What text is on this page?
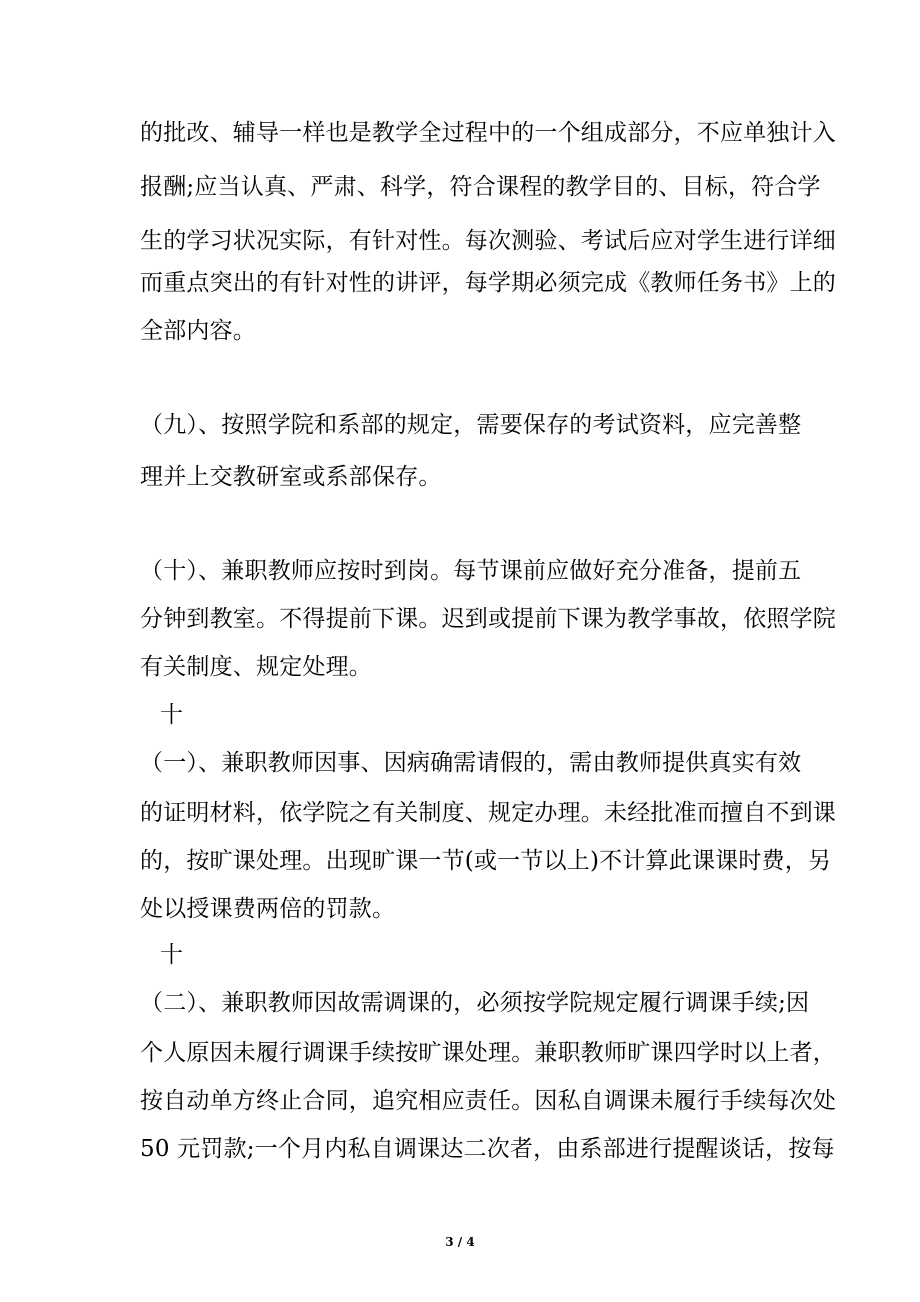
的批改、辅导一样也是教学全过程中的一个组成部分，不应单独计入
报酬;应当认真、严肃、科学，符合课程的教学目的、目标，符合学
生的学习状况实际，有针对性。每次测验、考试后应对学生进行详细
而重点突出的有针对性的讲评，每学期必须完成《教师任务书》上的
全部内容。
（九）、按照学院和系部的规定，需要保存的考试资料，应完善整
理并上交教研室或系部保存。
（十）、兼职教师应按时到岗。每节课前应做好充分准备，提前五
分钟到教室。不得提前下课。迟到或提前下课为教学事故，依照学院
有关制度、规定处理。
十
（一）、兼职教师因事、因病确需请假的，需由教师提供真实有效
的证明材料，依学院之有关制度、规定办理。未经批准而擅自不到课
的，按旷课处理。出现旷课一节(或一节以上)不计算此课课时费，另
处以授课费两倍的罚款。
十
（二）、兼职教师因故需调课的，必须按学院规定履行调课手续;因
个人原因未履行调课手续按旷课处理。兼职教师旷课四学时以上者，
按自动单方终止合同，追究相应责任。因私自调课未履行手续每次处
50 元罚款;一个月内私自调课达二次者，由系部进行提醒谈话，按每
3 / 4
